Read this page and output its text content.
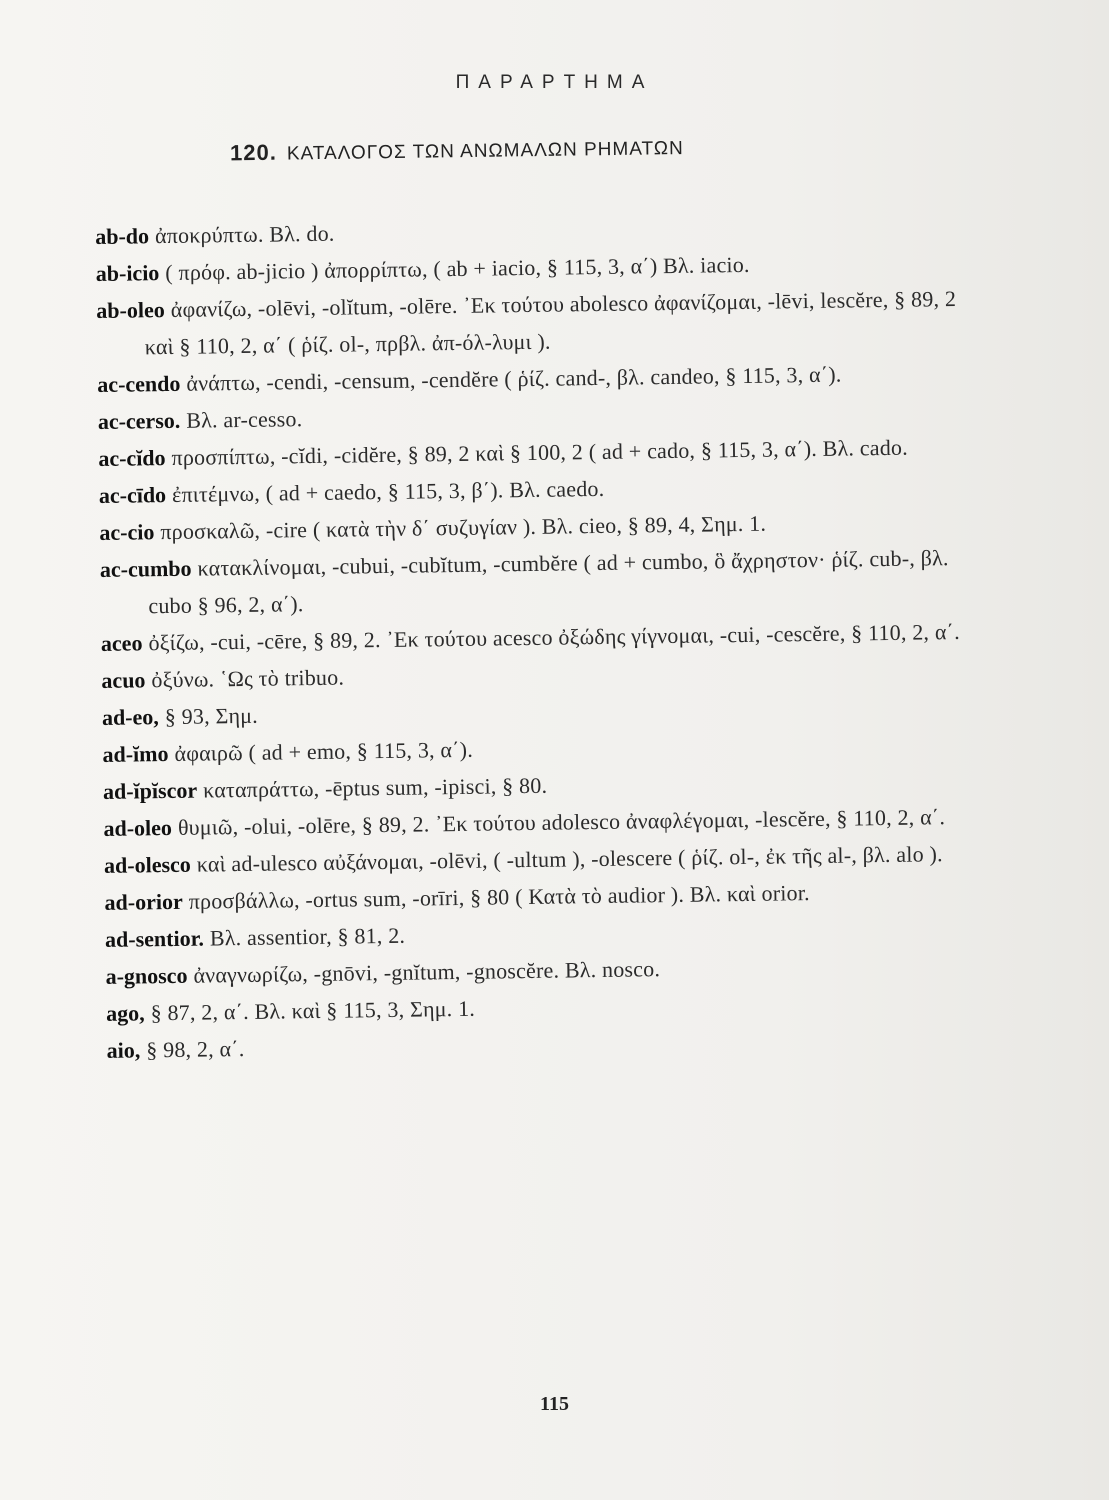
ΠΑΡΑΡΤΗΜΑ
120. ΚΑΤΑΛΟΓΟΣ ΤΩΝ ΑΝΩΜΑΛΩΝ ΡΗΜΑΤΩΝ

ab-do ἀποκρύπτω. Βλ. do.

ab-icio ( πρόφ. ab-jicio ) ἀπορρίπτω, ( ab + iacio, § 115, 3, α΄) Βλ. iacio.

ab-oleo ἀφανίζω, -olēvi, -olĭtum, -olēre. ᾽Εκ τούτου abolesco ἀφανίζομαι, -lēvi, lescĕre, § 89, 2 καὶ § 110, 2, α΄ ( ῥίζ. ol-, πρβλ. ἀπ-όλ-λυμι ).

ac-cendo ἀνάπτω, -cendi, -censum, -cendĕre ( ῥίζ. cand-, βλ. candeo, § 115, 3, α΄).

ac-cerso. Βλ. ar-cesso.

ac-cĭdo προσπίπτω, -cĭdi, -cidĕre, § 89, 2 καὶ § 100, 2 ( ad + cado, § 115, 3, α΄). Βλ. cado.

ac-cīdo ἐπιτέμνω, ( ad + caedo, § 115, 3, β΄). Βλ. caedo.

ac-cio προσκαλῶ, -cire ( κατὰ τὴν δ΄ συζυγίαν ). Βλ. cieo, § 89, 4, Σημ. 1.

ac-cumbo κατακλίνομαι, -cubui, -cubĭtum, -cumbĕre ( ad + cumbo, ὃ ἄχρηστον· ῥίζ. cub-, βλ. cubo § 96, 2, α΄).

aceo ὀξίζω, -cui, -cēre, § 89, 2. ᾽Εκ τούτου acesco ὀξώδης γίγνομαι, -cui, -cescĕre, § 110, 2, α΄.

acuo ὀξύνω. ῾Ως τὸ tribuo.

ad-eo, § 93, Σημ.

ad-ĭmo ἀφαιρῶ ( ad + emo, § 115, 3, α΄).

ad-ĭpĭscor καταπράττω, -ēptus sum, -ipisci, § 80.

ad-oleo θυμιῶ, -olui, -olēre, § 89, 2. ᾽Εκ τούτου adolesco ἀναφλέγομαι, -lescĕre, § 110, 2, α΄.

ad-olesco καὶ ad-ulesco αὐξάνομαι, -olēvi, ( -ultum ), -olescere ( ῥίζ. ol-, ἐκ τῆς al-, βλ. alo ).

ad-orior προσβάλλω, -ortus sum, -orīri, § 80 ( Κατὰ τὸ audior ). Βλ. καὶ orior.

ad-sentior. Βλ. assentior, § 81, 2.

a-gnosco ἀναγνωρίζω, -gnōvi, -gnĭtum, -gnoscĕre. Βλ. nosco.

ago, § 87, 2, α΄. Βλ. καὶ § 115, 3, Σημ. 1.

aio, § 98, 2, α΄.

115
